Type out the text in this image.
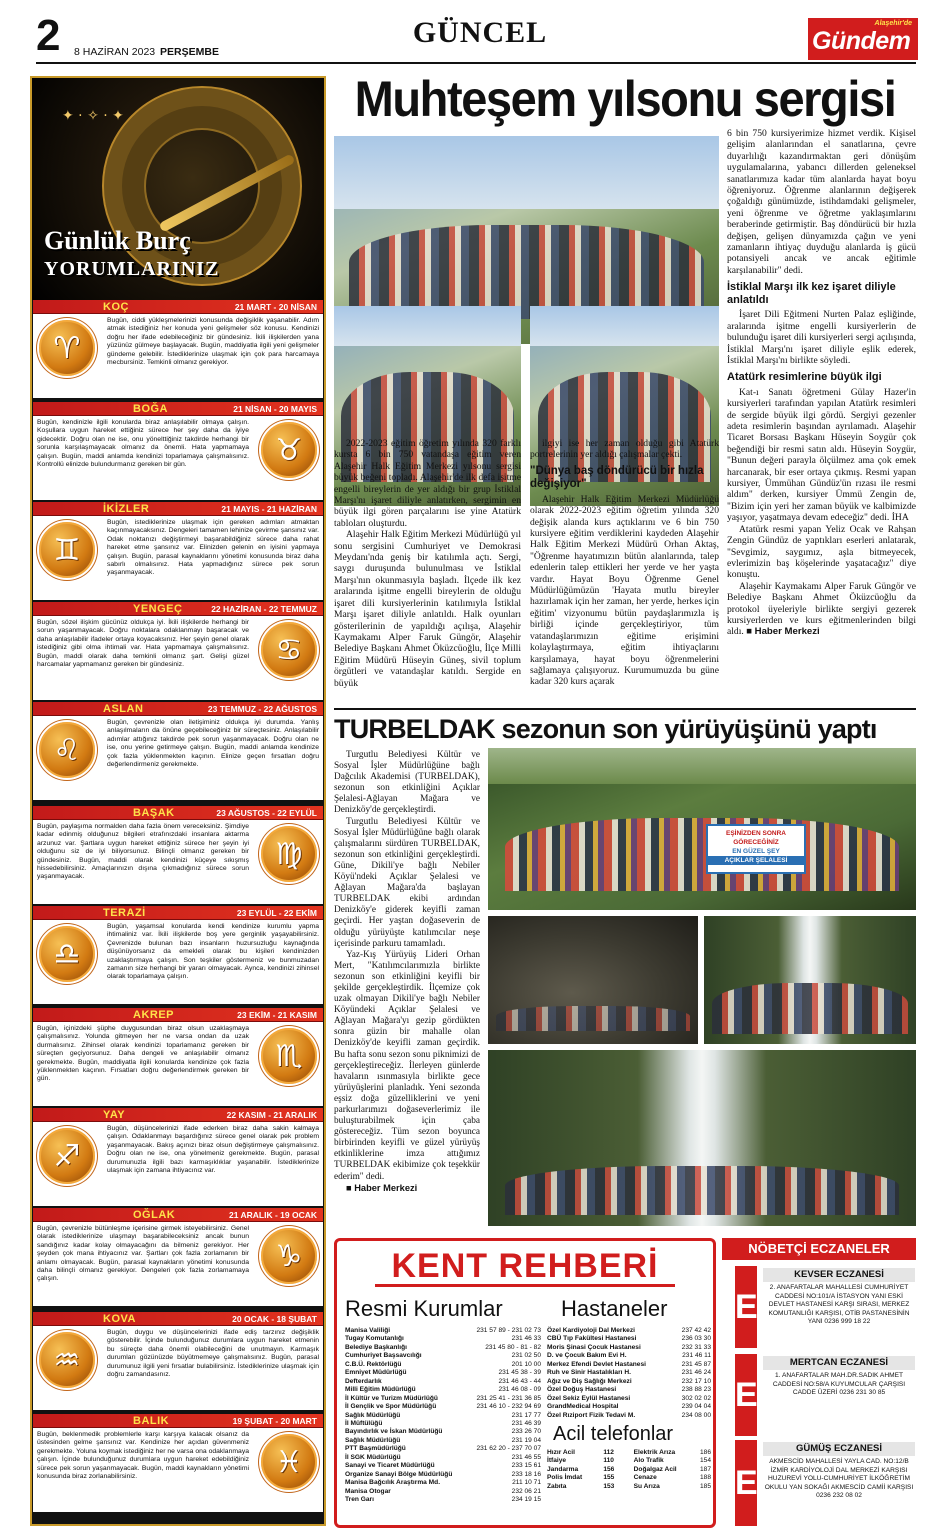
2 8 HAZİRAN 2023 PERŞEMBE
GÜNCEL	Alaşehir'de
Gündem
✦ · ✧ · ✦
Günlük Burç
YORUMLARINIZ
KOÇ	21 MART - 20 NİSAN
♈
Bugün, ciddi yükleşmelerinizi konusunda değişiklik yaşanabilir. Adım atmak istediğiniz her konuda yeni gelişmeler söz konusu. Kendinizi doğru her ifade edebileceğiniz bir gündesiniz. İkili ilişkilerden yana yüzünüz gülmeye başlayacak. Bugün, maddiyatla ilgili yeni gelişmeler gündeme gelebilir. İstediklerinize ulaşmak için çok para harcamaya mecbursiniz. Temkinli olmanız gerekiyor.
BOĞA	21 NİSAN - 20 MAYIS
♉
Bugün, kendinizle ilgili konularda biraz anlaşılabilir olmaya çalışın. Koşullara uygun hareket ettiğiniz sürece her şey daha da iyiye gidecektir. Doğru olan ne ise, onu yönelttiğiniz takdirde herhangi bir sorunla karşılaşmayacak olmanız da önemli. Hata yapmamaya çalışın. Bugün, maddi anlamda kendinizi toparlamaya çalışmalısınız. Kontrollü elinizde bulundurmanız gereken bir gün.
İKİZLER	21 MAYIS - 21 HAZİRAN
♊
Bugün, istediklerinize ulaşmak için gereken adımları atmaktan kaçınmayacaksınız. Dengeleri tamamen lehinize çevirme şansınız var. Odak noktanızı değiştirmeyi başarabildiğiniz sürece daha rahat hareket etme şansınız var. Elinizden gelenin en iyisini yapmaya çalışın. Bugün, parasal kaynaklarını yönetimi konusunda biraz daha sabırlı olmalısınız. Hata yapmadığınız sürece pek sorun yaşanmayacak.
YENGEÇ	22 HAZİRAN - 22 TEMMUZ
♋
Bugün, sözel ilişkim gücünüz oldukça iyi. İkili ilişkilerde herhangi bir sorun yaşanmayacak. Doğru noktalara odaklanmayı başaracak ve daha anlaşılabilir ifadeler ortaya koyacaksınız. Her şeyin genel olarak istediğiniz gibi olma ihtimali var. Hata yapmamaya çalışmalısınız. Bugün, maddi olarak daha temkinli olmanız şart. Gelişi güzel harcamalar yapmamanız gereken bir gündesiniz.
ASLAN	23 TEMMUZ - 22 AĞUSTOS
♌
Bugün, çevrenizle olan iletişiminiz oldukça iyi durumda. Yanlış anlaşılmaların da önüne geçebileceğiniz bir süreçtesiniz. Anlaşılabilir adımlar attığınız takdirde pek sorun yaşanmayacak. Doğru olan ne ise, onu yerine getirmeye çalışın. Bugün, maddi anlamda kendinize çok fazla yüklenmekten kaçının. Elinize geçen fırsatları doğru değerlendirmeniz gerekmekte.
BAŞAK	23 AĞUSTOS - 22 EYLÜL
♍
Bugün, paylaşıma normalden daha fazla önem vereceksiniz. Şimdiye kadar edinmiş olduğunuz bilgileri etrafınızdaki insanlara aktarma arzunuz var. Şartlara uygun hareket ettiğiniz sürece her şeyin iyi olduğunu siz de iyi biliyorsunuz. Bilinçli olmanız gereken bir gündesiniz. Bugün, maddi olarak kendinizi küçeye sıkışmış hissedebilirsiniz. Amaçlarınızın dışına çıkmadığınız sürece sorun yaşanmayacak.
TERAZİ	23 EYLÜL - 22 EKİM
♎
Bugün, yaşamsal konularda kendi kendinize kurumlu yapma ihtimaliniz var. İkili ilişkilerde boş yere gerginlik yaşayabilirsiniz. Çevrenizde bulunan bazı insanların huzursuzluğu kaynağında düşünüyorsanız da emekleli olarak bu kişileri kendinizden uzaklaştırmaya çalışın. Son teşkiler göstermeniz ve bunmuzadan zamanın size herhangi bir yararı olmayacak. Aynca, kendinizi zihinsel olarak toparlamaya çalışın.
AKREP	23 EKİM - 21 KASIM
♏
Bugün, içinizdeki şüphe duygusundan biraz olsun uzaklaşmaya çalışmalısınız. Yolunda gitmeyen her ne varsa ondan da uzak durmalısınız. Zihinsel olarak kendinizi toparlamanız gereken bir süreçten geçiyorsunuz. Daha dengeli ve anlaşılabilir olmanız gerekmekte. Bugün, maddiyatla ilgili konularda kendinize çok fazla yüklenmekten kaçının. Fırsatları doğru değerlendirmek gereken bir gün.
YAY	22 KASIM - 21 ARALIK
♐
Bugün, düşüncelerinizi ifade ederken biraz daha sakin kalmaya çalışın. Odaklanmayı başardığınız sürece genel olarak pek problem yaşanmayacak. Bakış açınızı biraz olsun değiştirmeye çalışmalısınız. Doğru olan ne ise, ona yönelmeniz gerekmekte. Bugün, parasal durumunuzla ilgili bazı karmaşıklıklar yaşanabilir. İstediklerinize ulaşmak için zamana ihtiyacınız var.
OĞLAK	21 ARALIK - 19 OCAK
♑
Bugün, çevrenizle bütünleşme içerisine girmek isteyebilirsiniz. Genel olarak istediklerinize ulaşmayı başarabileceksiniz ancak bunun sandığınız kadar kolay olmayacağını da bilmeniz gerekiyor. Her şeyden çok mana ihtiyacınız var. Şartları çok fazla zorlamanın bir anlamı olmayacak. Bugün, parasal kaynakların yönetimi konusunda daha bilinçli olmanız gerekiyor. Dengeleri çok fazla zorlamamaya çalışın.
KOVA	20 OCAK - 18 ŞUBAT
♒
Bugün, duygu ve düşüncelerinizi ifade ediş tarzınız değişiklik gösterebilir. İçinde bulunduğunuz durumlara uygun hareket etmenin bu süreçte daha önemli olabileceğini de unutmayın. Karmaşık durumları gözünüzde büyütmemeye çalışmalısınız. Bugün, parasal durumunuz ilgili yeni fırsatlar bulabilirsiniz. İstediklerinize ulaşmak için doğru zamandasınız.
BALIK	19 ŞUBAT - 20 MART
♓
Bugün, beklenmedik problemlerle karşı karşıya kalacak olsanız da üstesinden gelme şansınız var. Kendinize her açıdan güvenmeniz gerekmekte. Yoluna koymak istediğiniz her ne varsa ona odaklanmaya çalışın. İçinde bulunduğunuz durumlara uygun hareket edebildiğiniz sürece pek sorun yaşanmayacak. Bugün, maddi kaynakların yönetimi konusunda biraz zorlanabilirsiniz.
Muhteşem yılsonu sergisi

2022-2023 eğitim öğretim yılında 320 farklı kursta 6 bin 750 vatandaşa eğitim veren Alaşehir Halk Eğitim Merkezi yılsonu sergisi büyük beğeni topladı. Alaşehir'de ilk defa işitme engelli bireylerin de yer aldığı bir grup İstiklal Marşı'nı işaret diliyle anlatırken, sergimin en büyük ilgi gören parçalarını ise yine Atatürk tabloları oluşturdu.

Alaşehir Halk Eğitim Merkezi Müdürlüğü yıl sonu sergisini Cumhuriyet ve Demokrasi Meydanı'nda geniş bir katılımla açtı. Sergi, saygı duruşunda bulunulması ve İstiklal Marşı'nın okunmasıyla başladı. İlçede ilk kez aralarında işitme engelli bireylerin de olduğu işaret dili kursiyerlerinin katılımıyla İstiklal Marşı işaret diliyle anlatıldı. Halk oyunları gösterilerinin de yapıldığı açılışa, Alaşehir Kaymakamı Alper Faruk Güngör, Alaşehir Belediye Başkanı Ahmet Öküzcüoğlu, İlçe Milli Eğitim Müdürü Hüseyin Güneş, sivil toplum örgütleri ve vatandaşlar katıldı. Sergide en büyük

ilgiyi ise her zaman olduğu gibi Atatürk portrelerinin yer aldığı çalışmalar çekti.

"Dünya baş döndürücü bir hızla değişiyor"

Alaşehir Halk Eğitim Merkezi Müdürlüğü olarak 2022-2023 eğitim öğretim yılında 320 değişik alanda kurs açtıklarını ve 6 bin 750 kursiyere eğitim verdiklerini kaydeden Alaşehir Halk Eğitim Merkezi Müdürü Orhan Aktaş, "Öğrenme hayatımızın bütün alanlarında, talep edenlerin talep ettikleri her yerde ve her yaşta vardır. Hayat Boyu Öğrenme Genel Müdürlüğümüzün 'Hayata mutlu bireyler hazırlamak için her zaman, her yerde, herkes için eğitim' vizyonumu bütün paydaşlarımızla iş birliği içinde gerçekleştiriyor, tüm vatandaşlarımızın eğitime erişimini kolaylaştırmaya, eğitim ihtiyaçlarını karşılamaya, hayat boyu öğrenmelerini sağlamaya çalışıyoruz. Kurumumuzda bu güne kadar 320 kurs açarak

6 bin 750 kursiyerimize hizmet verdik. Kişisel gelişim alanlarından el sanatlarına, çevre duyarlılığı kazandırmaktan geri dönüşüm uygulamalarına, yabancı dillerden geleneksel sanatlarımıza kadar tüm alanlarda hayat boyu öğreniyoruz. Öğrenme alanlarının değişerek çoğaldığı günümüzde, istihdamdaki gelişmeler, yeni öğrenme ve öğretme yaklaşımlarını beraberinde getirmiştir. Baş döndürücü bir hızla değişen, gelişen dünyamızda çağın ve yeni zamanların ihtiyaç duyduğu alanlarda iş gücü potansiyeli ancak ve ancak eğitimle karşılanabilir" dedi.

İstiklal Marşı ilk kez işaret diliyle anlatıldı

İşaret Dili Eğitmeni Nurten Palaz eşliğinde, aralarında işitme engelli kursiyerlerin de bulunduğu işaret dili kursiyerleri sergi açılışında, İstiklal Marşı'nı işaret diliyle eşlik ederek, İstiklal Marşı'nı birlikte söyledi.

Atatürk resimlerine büyük ilgi

Kat-ı Sanatı öğretmeni Gülay Hazer'in kursiyerleri tarafından yapılan Atatürk resimleri de sergide büyük ilgi gördü. Sergiyi gezenler adeta resimlerin başından ayrılamadı. Alaşehir Ticaret Borsası Başkanı Hüseyin Soygür çok beğendiği bir resmi satın aldı. Hüseyin Soygür, "Bunun değeri parayla ölçülmez ama çok emek harcanarak, bir eser ortaya çıkmış. Resmi yapan kursiyer, Ümmühan Gündüz'ün rızası ile resmi aldım" derken, kursiyer Ümmü Zengin de, "Bizim için yeri her zaman büyük ve kalbimizde yaşıyor, yaşatmaya devam edeceğiz" dedi. İHA

Atatürk resmi yapan Yeliz Ocak ve Rahşan Zengin Gündüz de yaptıkları eserleri anlatarak, "Sevgimiz, saygımız, aşla bitmeyecek, evlerimizin baş köşelerinde yaşatacağız" diye konuştu.

Alaşehir Kaymakamı Alper Faruk Güngör ve Belediye Başkanı Ahmet Öküzcüoğlu da protokol üyeleriyle birlikte sergiyi gezerek kursiyerlerden ve kurs eğitmenlerinden bilgi aldı. ■ Haber Merkezi

TURBELDAK sezonun son yürüyüşünü yaptı

Turgutlu Belediyesi Kültür ve Sosyal İşler Müdürlüğüne bağlı Dağcılık Akademisi (TURBELDAK), sezonun son etkinliğini Açıklar Şelalesi-Ağlayan Mağara ve Denizköy'de gerçekleştirdi.

Turgutlu Belediyesi Kültür ve Sosyal İşler Müdürlüğüne bağlı olarak çalışmalarını sürdüren TURBELDAK, sezonun son etkinliğini gerçekleştirdi. Güne, Dikili'ye bağlı Nebiler Köyü'ndeki Açıklar Şelalesi ve Ağlayan Mağara'da başlayan TURBELDAK ekibi ardından Denizköy'e giderek keyifli zaman geçirdi. Her yaştan doğaseverin de olduğu yürüyüşte katılımcılar neşe içerisinde parkuru tamamladı.

Yaz-Kış Yürüyüş Lideri Orhan Mert, "Katılımcılarımızla birlikte sezonun son etkinliğini keyifli bir şekilde gerçekleştirdik. İlçemize çok uzak olmayan Dikili'ye bağlı Nebiler Köyündeki Açıklar Şelalesi ve Ağlayan Mağara'yı gezip gördükten sonra güzin bir mahalle olan Denizköy'de keyifli zaman geçirdik. Bu hafta sonu sezon sonu piknimizi de gerçekleştireceğiz. İlerleyen günlerde havaların ısınmasıyla birlikte gece yürüyüşlerini planladık. Yeni sezonda eşsiz doğa güzelliklerini ve yeni parkurlarımızı doğaseverlerimiz ile buluşturabilmek için çaba göstereceğiz. Tüm sezon boyunca birbirinden keyifli ve güzel yürüyüş etkinliklerine imza attığımız TURBELDAK ekibimize çok teşekkür ederim" dedi.

■ Haber Merkezi

EŞİNİZDEN SONRA
GÖRECEĞİNİZ
EN GÜZEL ŞEY
AÇIKLAR ŞELALESİ
KENT REHBERİ
Resmi Kurumlar	Hastaneler
Manisa Valiliği	231 57 89 - 231 02 73
Tugay Komutanlığı	231 46 33
Belediye Başkanlığı	231 45 80 - 81 - 82
Cumhuriyet Başsavcılığı	231 02 50
C.B.Ü. Rektörlüğü	201 10 00
Emniyet Müdürlüğü	231 45 38 - 39
Defterdarlık	231 46 43 - 44
Milli Eğitim Müdürlüğü	231 46 08 - 09
İl Kültür ve Turizm Müdürlüğü	231 25 41 - 231 36 85
İl Gençlik ve Spor Müdürlüğü	231 46 10 - 232 94 69
Sağlık Müdürlüğü	231 17 77
İl Müftülüğü	231 46 39
Bayındırlık ve İskan Müdürlüğü	233 26 70
Sağlık Müdürlüğü	231 19 04
PTT Başmüdürlüğü	231 62 20 - 237 70 07
İl SGK Müdürlüğü	231 46 55
Sanayi ve Ticaret Müdürlüğü	233 15 61
Organize Sanayi Bölge Müdürlüğü	233 18 16
Manisa Bağcılık Araştırma Md.	211 10 71
Manisa Otogar	232 06 21
Tren Garı	234 19 15
Özel Kardiyoloji Dal Merkezi	237 42 42
CBÜ Tıp Fakültesi Hastanesi	236 03 30
Moris Şinasi Çocuk Hastanesi	232 31 33
D. ve Çocuk Bakım Evi H.	231 46 11
Merkez Efendi Devlet Hastanesi	231 45 87
Ruh ve Sinir Hastalıkları H.	231 46 24
Ağız ve Diş Sağlığı Merkezi	232 17 10
Özel Doğuş Hastanesi	238 88 23
Özel Sekiz Eylül Hastanesi	302 02 02
GrandMedical Hospital	239 04 04
Özel Rıziport Fizik Tedavi M.	234 08 00
Acil telefonlar
Hızır Acil	112	Elektrik Arıza	186
İtfaiye	110	Alo Trafik	154
Jandarma	156	Doğalgaz Acil	187
Polis İmdat	155	Cenaze	188
Zabıta	153	Su Arıza	185
NÖBETÇİ ECZANELER
E
KEVSER ECZANESİ
2. ANAFARTALAR MAHALLESİ CUMHURİYET CADDESİ NO:101/A İSTASYON YANI ESKİ DEVLET HASTANESİ KARŞI SIRASI, MERKEZ KOMUTANLIĞI KARŞISI, OTİB PASTANESİNİN YANI 0236 999 18 22
E
MERTCAN ECZANESİ
1. ANAFARTALAR MAH.DR.SADIK AHMET CADDESİ NO:58/A KUYUMCULAR ÇARŞISI CADDE ÜZERİ 0236 231 30 85
E
GÜMÜŞ ECZANESİ
AKMESCİD MAHALLESİ YAYLA CAD. NO:12/B İZMİR KARDİYOLOJİ DAL MERKEZİ KARŞISI HUZUREVİ YOLU-CUMHURİYET İLKÖĞRETİM OKULU YAN SOKAĞI AKMESCİD CAMİİ KARŞISI 0236 232 08 02
